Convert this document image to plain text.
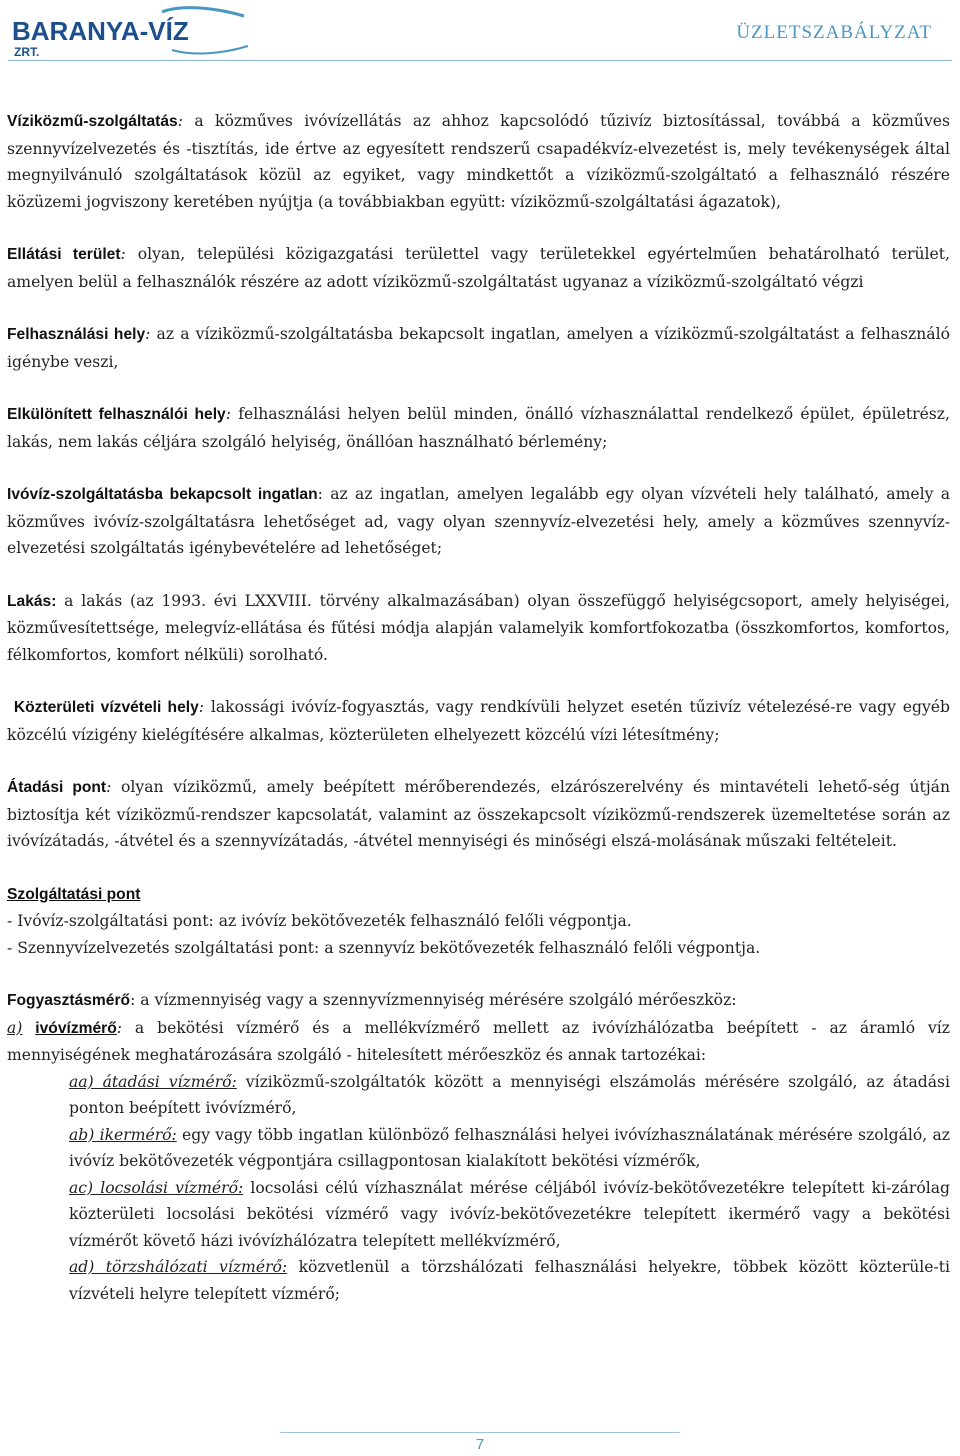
BARANYA-VÍZ
ZRT.
ÜZLETSZABÁLYZAT

Víziközmű-szolgáltatás: a közműves ivóvízellátás az ahhoz kapcsolódó tűzivíz biztosítással, továbbá a közműves szennyvízelvezetés és -tisztítás, ide értve az egyesített rendszerű csapadékvíz-elvezetést is, mely tevékenységek által megnyilvánuló szolgáltatások közül az egyiket, vagy mindkettőt a víziközmű-szolgáltató a felhasználó részére közüzemi jogviszony keretében nyújtja (a továbbiakban együtt: víziközmű-szolgáltatási ágazatok),

Ellátási terület: olyan, települési közigazgatási területtel vagy területekkel egyértelműen behatárolható terület, amelyen belül a felhasználók részére az adott víziközmű-szolgáltatást ugyanaz a víziközmű-szolgáltató végzi

Felhasználási hely: az a víziközmű-szolgáltatásba bekapcsolt ingatlan, amelyen a víziközmű-szolgáltatást a felhasználó igénybe veszi,

Elkülönített felhasználói hely: felhasználási helyen belül minden, önálló vízhasználattal rendelkező épület, épületrész, lakás, nem lakás céljára szolgáló helyiség, önállóan használható bérlemény;

Ivóvíz-szolgáltatásba bekapcsolt ingatlan: az az ingatlan, amelyen legalább egy olyan vízvételi hely található, amely a közműves ivóvíz-szolgáltatásra lehetőséget ad, vagy olyan szennyvíz-elvezetési hely, amely a közműves szennyvíz-elvezetési szolgáltatás igénybevételére ad lehetőséget;

Lakás: a lakás (az 1993. évi LXXVIII. törvény alkalmazásában) olyan összefüggő helyiségcsoport, amely helyiségei, közművesítettsége, melegvíz-ellátása és fűtési módja alapján valamelyik komfortfokozatba (összkomfortos, komfortos, félkomfortos, komfort nélküli) sorolható.

Közterületi vízvételi hely: lakossági ivóvíz-fogyasztás, vagy rendkívüli helyzet esetén tűzivíz vételezésé-re vagy egyéb közcélú vízigény kielégítésére alkalmas, közterületen elhelyezett közcélú vízi létesítmény;

Átadási pont: olyan víziközmű, amely beépített mérőberendezés, elzárószerelvény és mintavételi lehető-ség útján biztosítja két víziközmű-rendszer kapcsolatát, valamint az összekapcsolt víziközmű-rendszerek üzemeltetése során az ivóvízátadás, -átvétel és a szennyvízátadás, -átvétel mennyiségi és minőségi elszá-molásának műszaki feltételeit.

Szolgáltatási pont

- Ivóvíz-szolgáltatási pont: az ivóvíz bekötővezeték felhasználó felőli végpontja.

- Szennyvízelvezetés szolgáltatási pont: a szennyvíz bekötővezeték felhasználó felőli végpontja.

Fogyasztásmérő: a vízmennyiség vagy a szennyvízmennyiség mérésére szolgáló mérőeszköz:

a) ivóvízmérő: a bekötési vízmérő és a mellékvízmérő mellett az ivóvízhálózatba beépített - az áramló víz mennyiségének meghatározására szolgáló - hitelesített mérőeszköz és annak tartozékai:

aa) átadási vízmérő: víziközmű-szolgáltatók között a mennyiségi elszámolás mérésére szolgáló, az átadási ponton beépített ivóvízmérő,

ab) ikermérő: egy vagy több ingatlan különböző felhasználási helyei ivóvízhasználatának mérésére szolgáló, az ivóvíz bekötővezeték végpontjára csillagpontosan kialakított bekötési vízmérők,

ac) locsolási vízmérő: locsolási célú vízhasználat mérése céljából ivóvíz-bekötővezetékre telepített ki-zárólag közterületi locsolási bekötési vízmérő vagy ivóvíz-bekötővezetékre telepített ikermérő vagy a bekötési vízmérőt követő házi ivóvízhálózatra telepített mellékvízmérő,

ad) törzshálózati vízmérő: közvetlenül a törzshálózati felhasználási helyekre, többek között közterüle-ti vízvételi helyre telepített vízmérő;

7
